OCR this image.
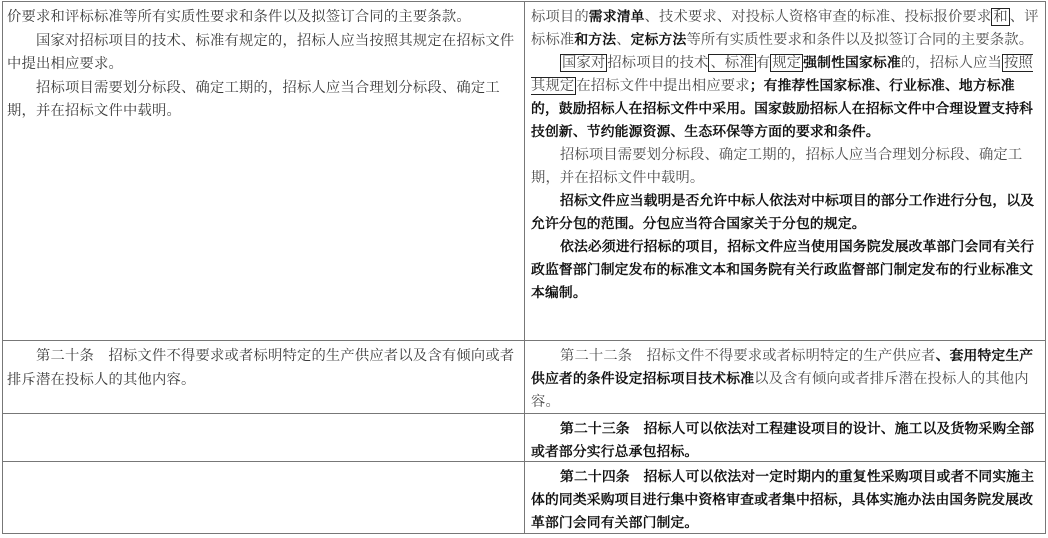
价要求和评标标准等所有实质性要求和条件以及拟签订合同的主要条款。

国家对招标项目的技术、标准有规定的，招标人应当按照其规定在招标文件中提出相应要求。

招标项目需要划分标段、确定工期的，招标人应当合理划分标段、确定工期，并在招标文件中载明。

标项目的需求清单、技术要求、对投标人资格审查的标准、投标报价要求 和 、评标标准和方法、定标方法等所有实质性要求和条件以及拟签订合同的主要条款。

国家对 招标项目的技术 、标准 有 规定 强制性国家标准的，招标人应当 按照其规定 在招标文件中提出相应要求；有推荐性国家标准、行业标准、地方标准的，鼓励招标人在招标文件中采用。国家鼓励招标人在招标文件中合理设置支持科技创新、节约能源资源、生态环保等方面的要求和条件。

招标项目需要划分标段、确定工期的，招标人应当合理划分标段、确定工期，并在招标文件中载明。

招标文件应当载明是否允许中标人依法对中标项目的部分工作进行分包，以及允许分包的范围。分包应当符合国家关于分包的规定。

依法必须进行招标的项目，招标文件应当使用国务院发展改革部门会同有关行政监督部门制定发布的标准文本和国务院有关行政监督部门制定发布的行业标准文本编制。

第二十条　招标文件不得要求或者标明特定的生产供应者以及含有倾向或者排斥潜在投标人的其他内容。

第二十二条　招标文件不得要求或者标明特定的生产供应者、套用特定生产供应者的条件设定招标项目技术标准以及含有倾向或者排斥潜在投标人的其他内容。

第二十三条　招标人可以依法对工程建设项目的设计、施工以及货物采购全部或者部分实行总承包招标。

第二十四条　招标人可以依法对一定时期内的重复性采购项目或者不同实施主体的同类采购项目进行集中资格审查或者集中招标，具体实施办法由国务院发展改革部门会同有关部门制定。
